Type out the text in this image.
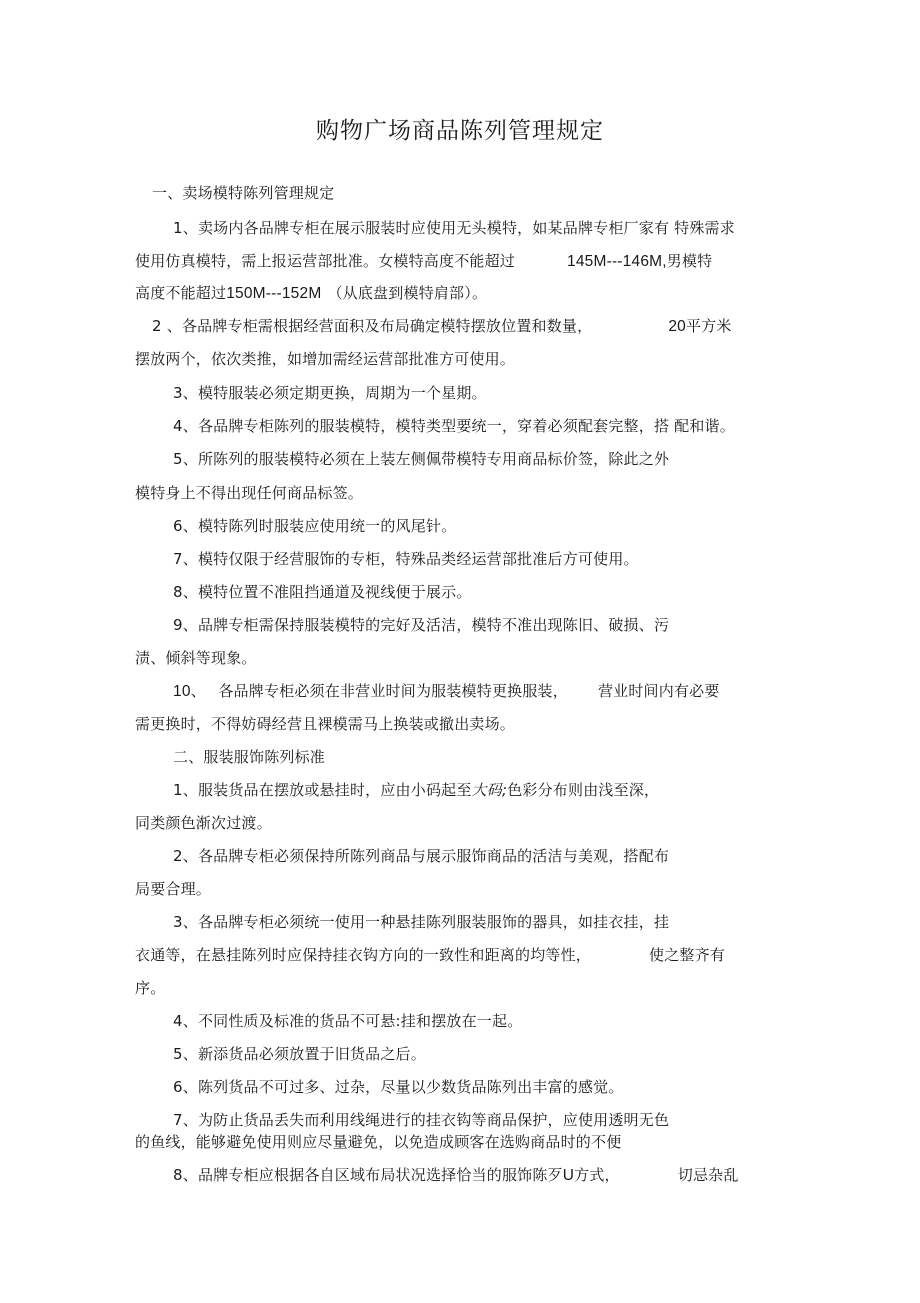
购物广场商品陈列管理规定
一、卖场模特陈列管理规定
1、卖场内各品牌专柜在展示服装时应使用无头模特，如某品牌专柜厂家有 特殊需求
使用仿真模特，需上报运营部批准。女模特高度不能超过	145M---146M,男模特
高度不能超过150M---152M （从底盘到模特肩部）。
2 、各品牌专柜需根据经营面积及布局确定模特摆放位置和数量，	20平方米
摆放两个，依次类推，如增加需经运营部批准方可使用。
3、模特服装必须定期更换，周期为一个星期。
4、各品牌专柜陈列的服装模特，模特类型要统一，穿着必须配套完整，搭 配和谐。
5、所陈列的服装模特必须在上装左侧佩带模特专用商品标价签，除此之外
模特身上不得出现任何商品标签。
6、模特陈列时服装应使用统一的风尾针。
7、模特仅限于经营服饰的专柜，特殊品类经运营部批准后方可使用。
8、模特位置不准阻挡通道及视线便于展示。
9、品牌专柜需保持服装模特的完好及活洁，模特不准出现陈旧、破损、污
渍、倾斜等现象。
10、 各品牌专柜必须在非营业时间为服装模特更换服装， 营业时间内有必要
需更换时，不得妨碍经营且裸模需马上换装或撤出卖场。
二、服装服饰陈列标准
1、服装货品在摆放或悬挂时，应由小码起至大码;色彩分布则由浅至深，
同类颜色渐次过渡。
2、各品牌专柜必须保持所陈列商品与展示服饰商品的活洁与美观，搭配布
局要合理。
3、各品牌专柜必须统一使用一种悬挂陈列服装服饰的器具，如挂衣挂，挂
衣通等，在悬挂陈列时应保持挂衣钩方向的一致性和距离的均等性，	使之整齐有
序。
4、不同性质及标准的货品不可悬:挂和摆放在一起。
5、新添货品必须放置于旧货品之后。
6、陈列货品不可过多、过杂，尽量以少数货品陈列出丰富的感觉。
7、为防止货品丢失而利用线绳进行的挂衣钩等商品保护，应使用透明无色
的鱼线，能够避免使用则应尽量避免，以免造成顾客在选购商品时的不便
8、品牌专柜应根据各自区域布局状况选择恰当的服饰陈歹U方式，	切忌杂乱
